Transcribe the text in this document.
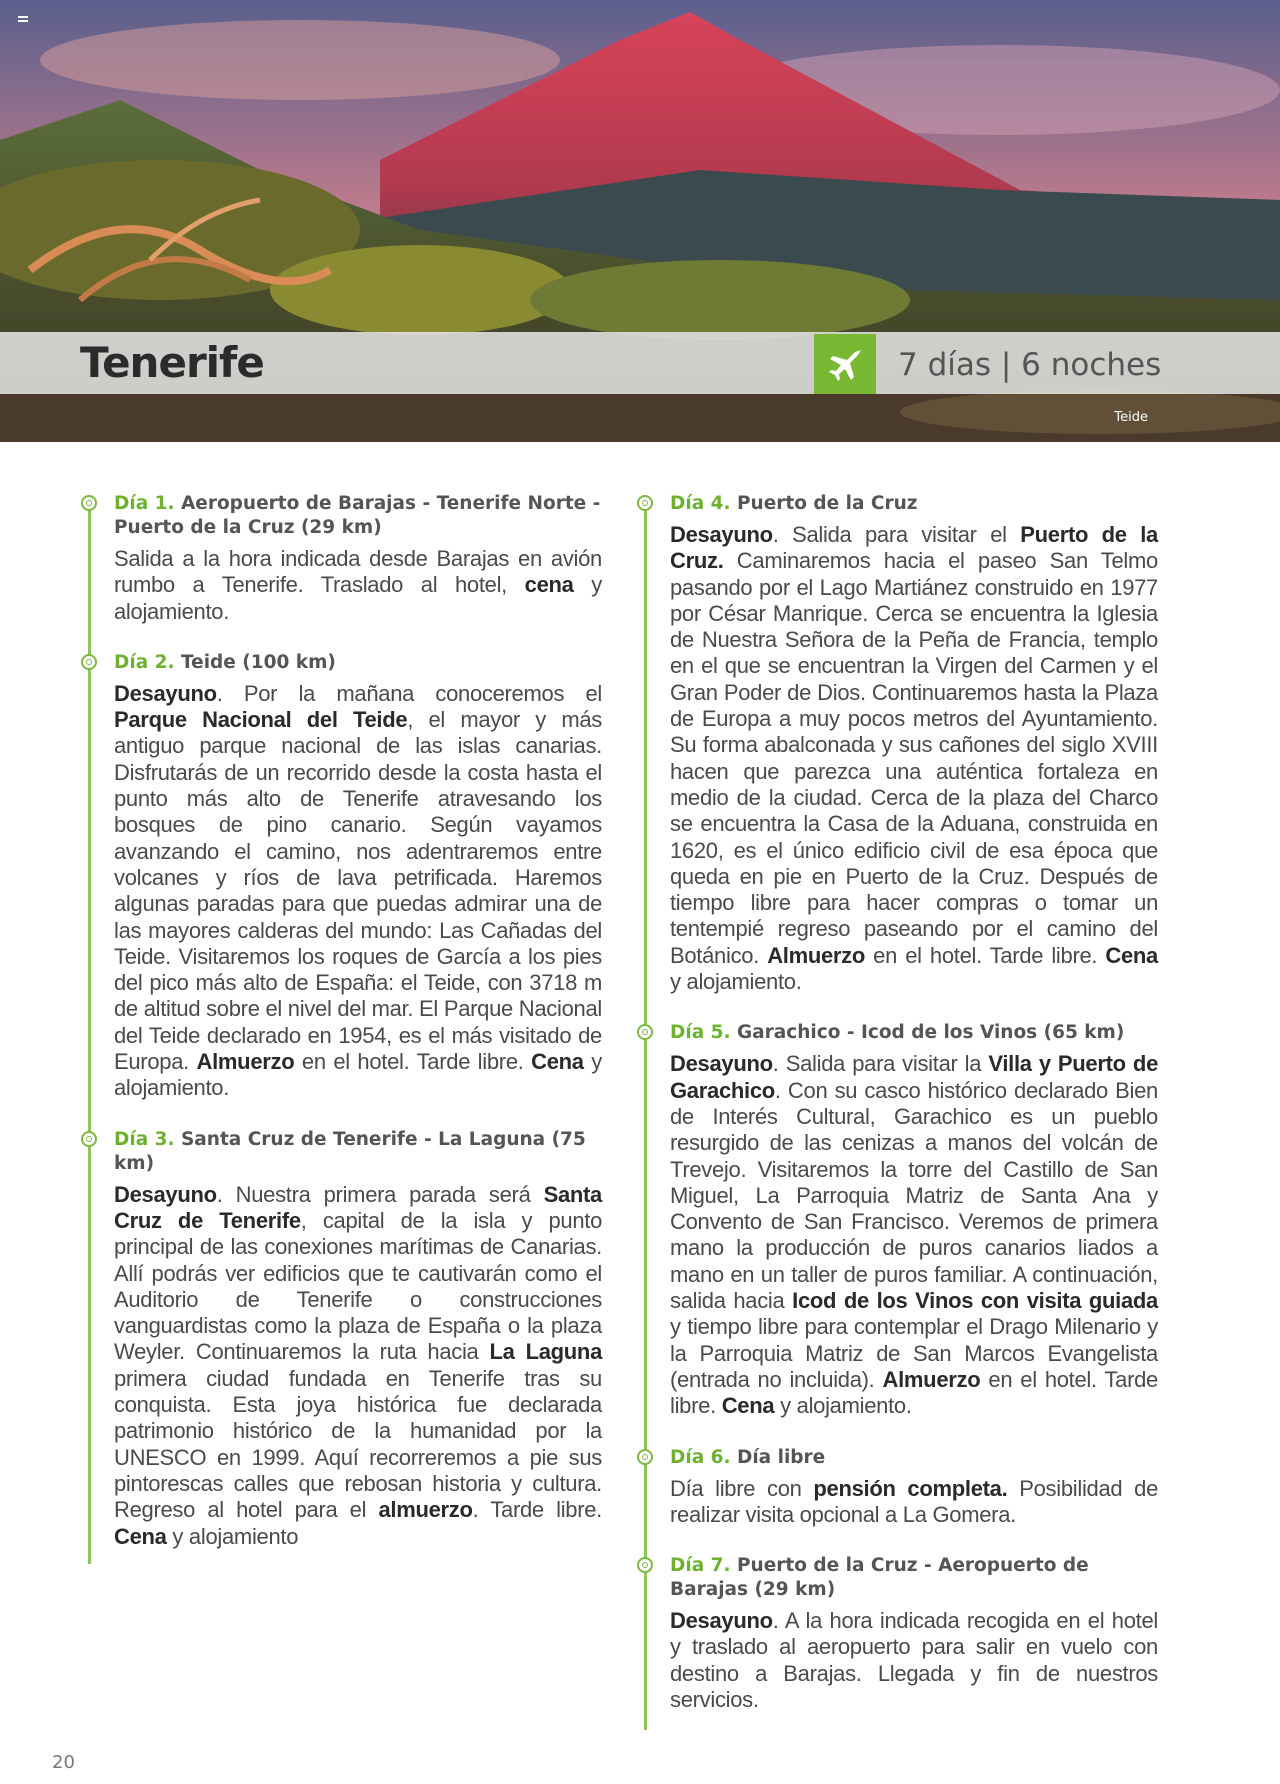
Tenerife	7 días | 6 noches
Teide
Día 1. Aeropuerto de Barajas - Tenerife Norte - Puerto de la Cruz (29 km)
Salida a la hora indicada desde Barajas en avión rumbo a Tenerife. Traslado al hotel, cena y alojamiento.
Día 2. Teide (100 km)
Desayuno. Por la mañana conoceremos el Parque Nacional del Teide, el mayor y más antiguo parque nacional de las islas canarias. Disfrutarás de un recorrido desde la costa hasta el punto más alto de Tenerife atravesando los bosques de pino canario. Según vayamos avanzando el camino, nos adentraremos entre volcanes y ríos de lava petrificada. Haremos algunas paradas para que puedas admirar una de las mayores calderas del mundo: Las Cañadas del Teide. Visitaremos los roques de García a los pies del pico más alto de España: el Teide, con 3718 m de altitud sobre el nivel del mar. El Parque Nacional del Teide declarado en 1954, es el más visitado de Europa. Almuerzo en el hotel. Tarde libre. Cena y alojamiento.
Día 3. Santa Cruz de Tenerife - La Laguna (75 km)
Desayuno. Nuestra primera parada será Santa Cruz de Tenerife, capital de la isla y punto principal de las conexiones marítimas de Canarias. Allí podrás ver edificios que te cautivarán como el Auditorio de Tenerife o construcciones vanguardistas como la plaza de España o la plaza Weyler. Continuaremos la ruta hacia La Laguna primera ciudad fundada en Tenerife tras su conquista. Esta joya histórica fue declarada patrimonio histórico de la humanidad por la UNESCO en 1999. Aquí recorreremos a pie sus pintorescas calles que rebosan historia y cultura. Regreso al hotel para el almuerzo. Tarde libre. Cena y alojamiento
Día 4. Puerto de la Cruz
Desayuno. Salida para visitar el Puerto de la Cruz. Caminaremos hacia el paseo San Telmo pasando por el Lago Martiánez construido en 1977 por César Manrique. Cerca se encuentra la Iglesia de Nuestra Señora de la Peña de Francia, templo en el que se encuentran la Virgen del Carmen y el Gran Poder de Dios. Continuaremos hasta la Plaza de Europa a muy pocos metros del Ayuntamiento. Su forma abalconada y sus cañones del siglo XVIII hacen que parezca una auténtica fortaleza en medio de la ciudad. Cerca de la plaza del Charco se encuentra la Casa de la Aduana, construida en 1620, es el único edificio civil de esa época que queda en pie en Puerto de la Cruz. Después de tiempo libre para hacer compras o tomar un tentempié regreso paseando por el camino del Botánico. Almuerzo en el hotel. Tarde libre. Cena y alojamiento.
Día 5. Garachico - Icod de los Vinos (65 km)
Desayuno. Salida para visitar la Villa y Puerto de Garachico. Con su casco histórico declarado Bien de Interés Cultural, Garachico es un pueblo resurgido de las cenizas a manos del volcán de Trevejo. Visitaremos la torre del Castillo de San Miguel, La Parroquia Matriz de Santa Ana y Convento de San Francisco. Veremos de primera mano la producción de puros canarios liados a mano en un taller de puros familiar. A continuación, salida hacia Icod de los Vinos con visita guiada y tiempo libre para contemplar el Drago Milenario y la Parroquia Matriz de San Marcos Evangelista (entrada no incluida). Almuerzo en el hotel. Tarde libre. Cena y alojamiento.
Día 6. Día libre
Día libre con pensión completa. Posibilidad de realizar visita opcional a La Gomera.
Día 7. Puerto de la Cruz - Aeropuerto de Barajas (29 km)
Desayuno. A la hora indicada recogida en el hotel y traslado al aeropuerto para salir en vuelo con destino a Barajas. Llegada y fin de nuestros servicios.
20
